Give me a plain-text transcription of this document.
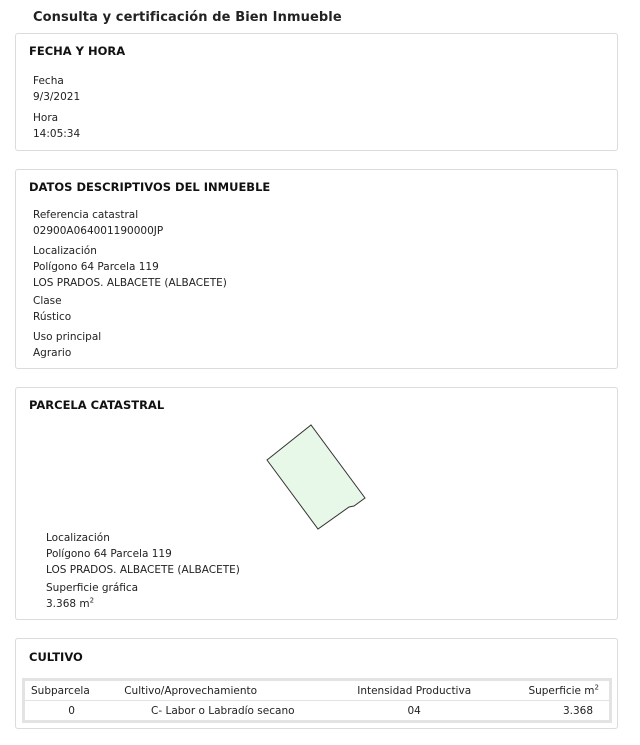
Consulta y certificación de Bien Inmueble
FECHA Y HORA
Fecha
9/3/2021
Hora
14:05:34
DATOS DESCRIPTIVOS DEL INMUEBLE
Referencia catastral
02900A064001190000JP
Localización
Polígono 64 Parcela 119
LOS PRADOS. ALBACETE (ALBACETE)
Clase
Rústico
Uso principal
Agrario
PARCELA CATASTRAL
Localización
Polígono 64 Parcela 119
LOS PRADOS. ALBACETE (ALBACETE)
Superficie gráfica
3.368 $m^2$
CULTIVO
Subparcela	Cultivo/Aprovechamiento	Intensidad Productiva	Superficie $m^2$
0	C- Labor o Labradío secano	04	3.368
